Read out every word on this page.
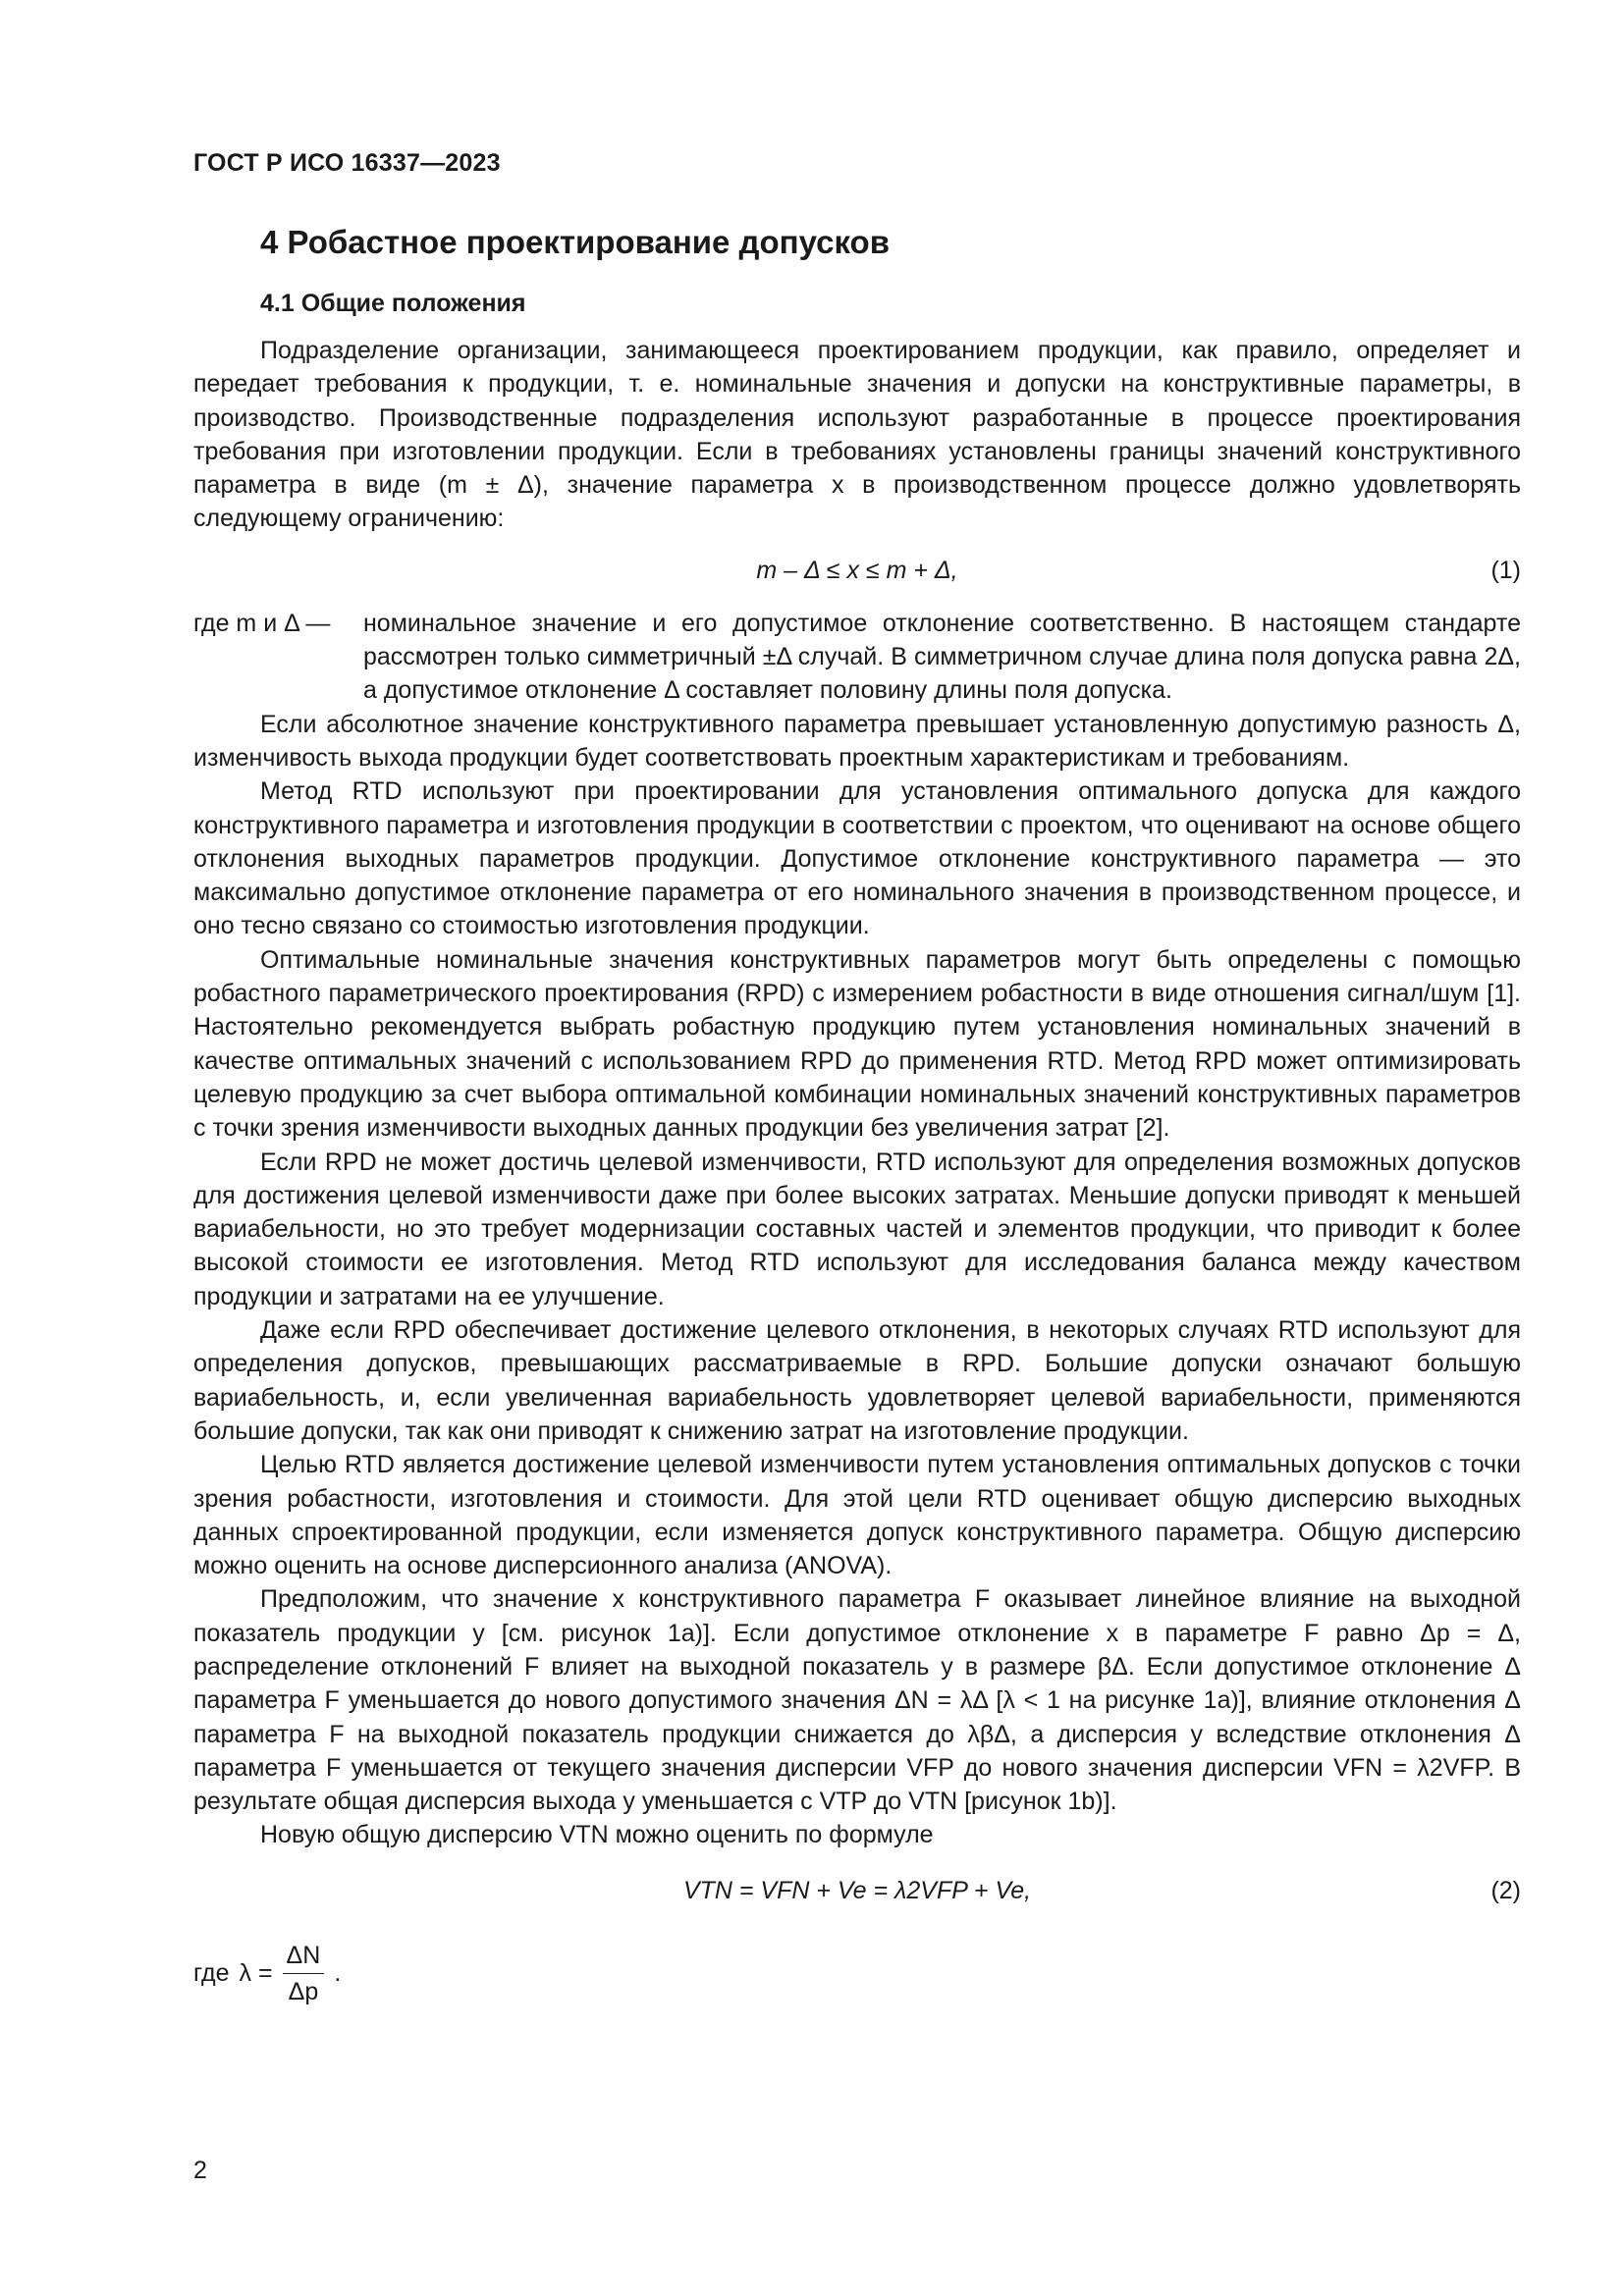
ГОСТ Р ИСО 16337—2023
4 Робастное проектирование допусков
4.1 Общие положения

Подразделение организации, занимающееся проектированием продукции, как правило, определяет и передает требования к продукции, т. е. номинальные значения и допуски на конструктивные параметры, в производство. Производственные подразделения используют разработанные в процессе проектирования требования при изготовлении продукции. Если в требованиях установлены границы значений конструктивного параметра в виде (m ± Δ), значение параметра x в производственном процессе должно удовлетворять следующему ограничению:

m – Δ ≤ x ≤ m + Δ,	(1)
где m и Δ —	номинальное значение и его допустимое отклонение соответственно. В настоящем стандарте рассмотрен только симметричный ±Δ случай. В симметричном случае длина поля допуска равна 2Δ, а допустимое отклонение Δ составляет половину длины поля допуска.

Если абсолютное значение конструктивного параметра превышает установленную допустимую разность Δ, изменчивость выхода продукции будет соответствовать проектным характеристикам и требованиям.

Метод RTD используют при проектировании для установления оптимального допуска для каждого конструктивного параметра и изготовления продукции в соответствии с проектом, что оценивают на основе общего отклонения выходных параметров продукции. Допустимое отклонение конструктивного параметра — это максимально допустимое отклонение параметра от его номинального значения в производственном процессе, и оно тесно связано со стоимостью изготовления продукции.

Оптимальные номинальные значения конструктивных параметров могут быть определены с помощью робастного параметрического проектирования (RPD) с измерением робастности в виде отношения сигнал/шум [1]. Настоятельно рекомендуется выбрать робастную продукцию путем установления номинальных значений в качестве оптимальных значений с использованием RPD до применения RTD. Метод RPD может оптимизировать целевую продукцию за счет выбора оптимальной комбинации номинальных значений конструктивных параметров с точки зрения изменчивости выходных данных продукции без увеличения затрат [2].

Если RPD не может достичь целевой изменчивости, RTD используют для определения возможных допусков для достижения целевой изменчивости даже при более высоких затратах. Меньшие допуски приводят к меньшей вариабельности, но это требует модернизации составных частей и элементов продукции, что приводит к более высокой стоимости ее изготовления. Метод RTD используют для исследования баланса между качеством продукции и затратами на ее улучшение.

Даже если RPD обеспечивает достижение целевого отклонения, в некоторых случаях RTD используют для определения допусков, превышающих рассматриваемые в RPD. Большие допуски означают большую вариабельность, и, если увеличенная вариабельность удовлетворяет целевой вариабельности, применяются большие допуски, так как они приводят к снижению затрат на изготовление продукции.

Целью RTD является достижение целевой изменчивости путем установления оптимальных допусков с точки зрения робастности, изготовления и стоимости. Для этой цели RTD оценивает общую дисперсию выходных данных спроектированной продукции, если изменяется допуск конструктивного параметра. Общую дисперсию можно оценить на основе дисперсионного анализа (ANOVA).

Предположим, что значение x конструктивного параметра F оказывает линейное влияние на выходной показатель продукции y [см. рисунок 1a)]. Если допустимое отклонение x в параметре F равно Δp = Δ, распределение отклонений F влияет на выходной показатель y в размере βΔ. Если допустимое отклонение Δ параметра F уменьшается до нового допустимого значения ΔN = λΔ [λ < 1 на рисунке 1a)], влияние отклонения Δ параметра F на выходной показатель продукции снижается до λβΔ, а дисперсия y вследствие отклонения Δ параметра F уменьшается от текущего значения дисперсии VFP до нового значения дисперсии VFN = λ2VFP. В результате общая дисперсия выхода y уменьшается с VTP до VTN [рисунок 1b)].

Новую общую дисперсию VTN можно оценить по формуле

VTN = VFN + Ve = λ2VFP + Ve,	(2)
где $\lambda = \frac{\Delta N}{\Delta p}$ .
2
